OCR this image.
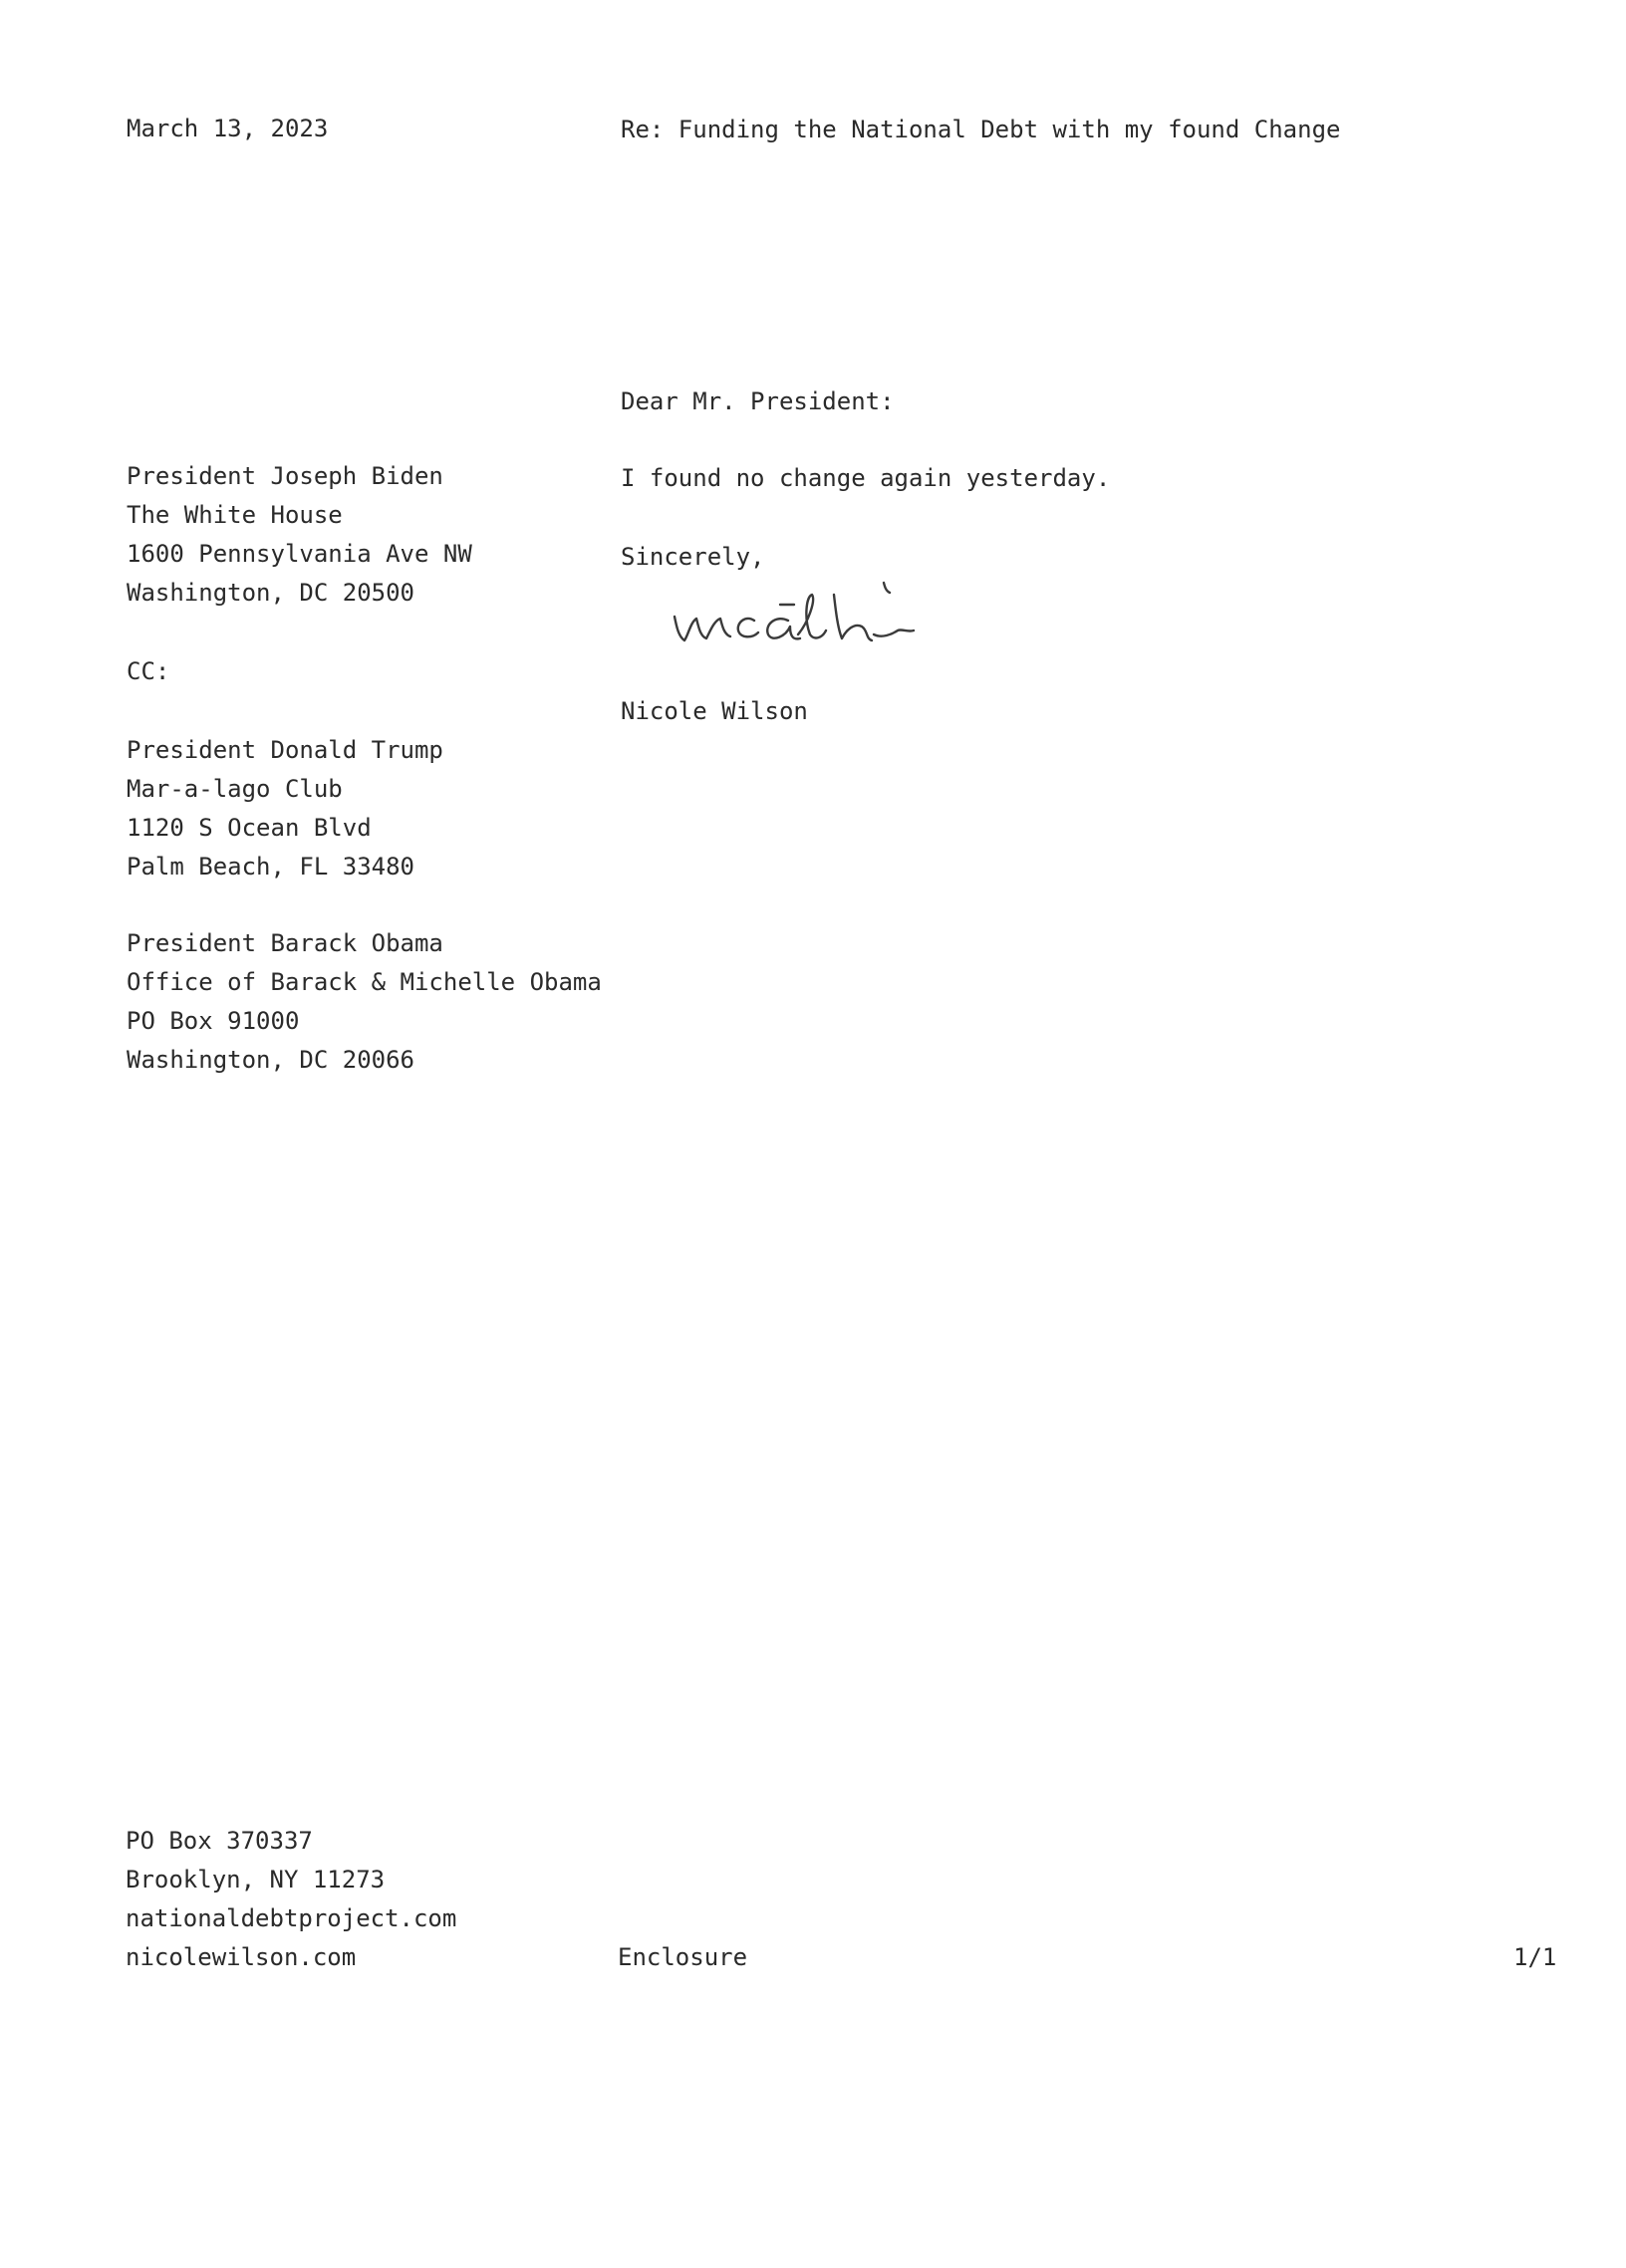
March 13, 2023	Re: Funding the National Debt with my found Change
Dear Mr. President:
President Joseph Biden
The White House
1600 Pennsylvania Ave NW
Washington, DC 20500
I found no change again yesterday.
Sincerely,
Nicole Wilson
CC:
President Donald Trump
Mar-a-lago Club
1120 S Ocean Blvd
Palm Beach, FL 33480
President Barack Obama
Office of Barack & Michelle Obama
PO Box 91000
Washington, DC 20066
PO Box 370337
Brooklyn, NY 11273
nationaldebtproject.com
nicolewilson.com	Enclosure	1/1
